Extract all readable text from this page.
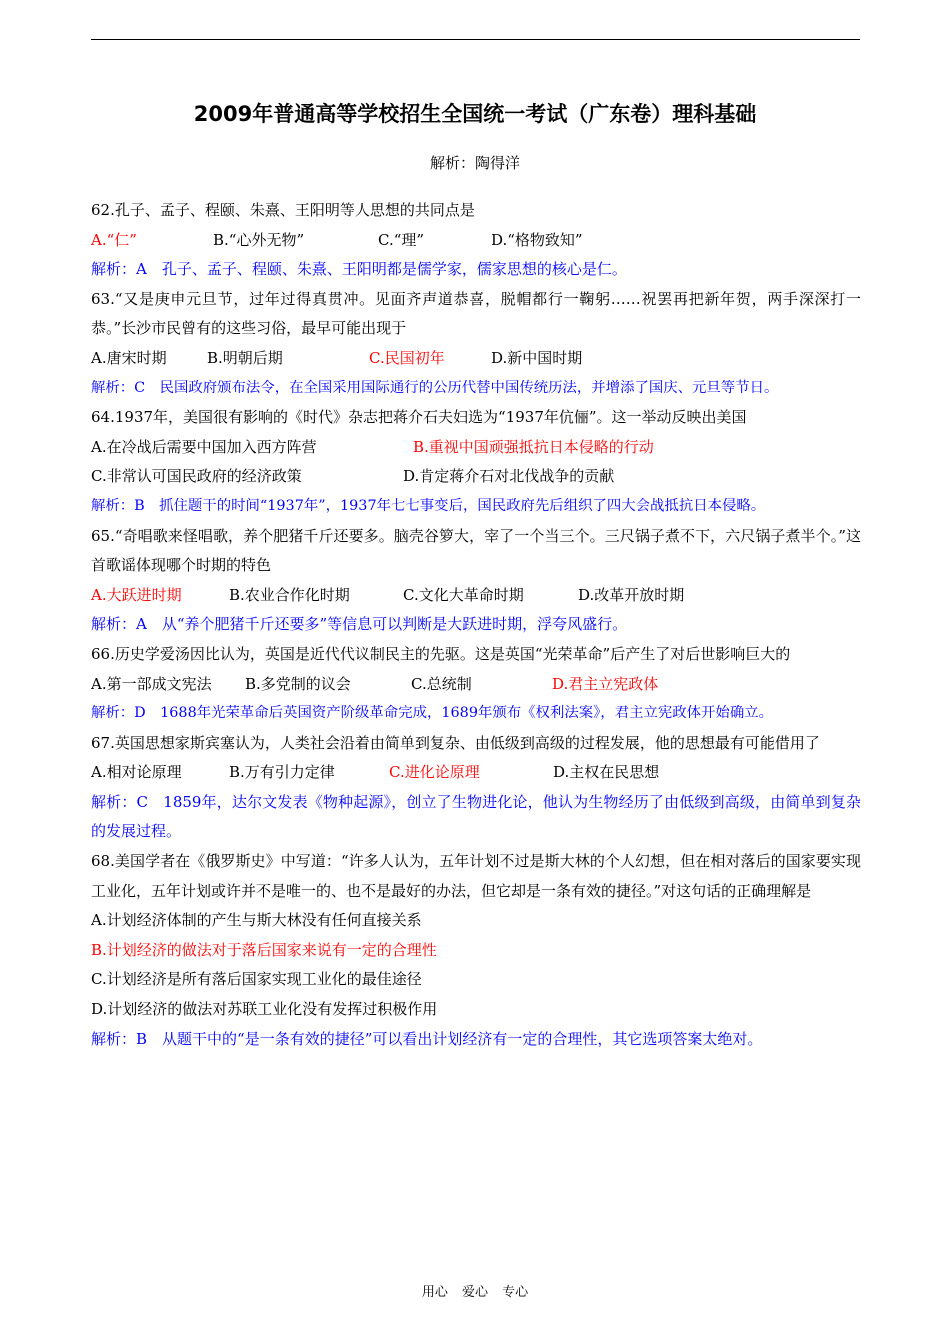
2009年普通高等学校招生全国统一考试（广东卷）理科基础
解析：陶得洋
62.孔子、孟子、程颐、朱熹、王阳明等人思想的共同点是
A.“仁”	B.“心外无物”	C.“理”	D.“格物致知”
解析：A　孔子、孟子、程颐、朱熹、王阳明都是儒学家，儒家思想的核心是仁。
63.“又是庚申元旦节，过年过得真贯冲。见面齐声道恭喜，脱帽都行一鞠躬……祝罢再把新年贺，两手深深打一恭。”长沙市民曾有的这些习俗，最早可能出现于
A.唐宋时期	B.明朝后期	C.民国初年	D.新中国时期
解析：C　民国政府颁布法令，在全国采用国际通行的公历代替中国传统历法，并增添了国庆、元旦等节日。
64.1937年，美国很有影响的《时代》杂志把蒋介石夫妇选为“1937年伉俪”。这一举动反映出美国
A.在冷战后需要中国加入西方阵营	B.重视中国顽强抵抗日本侵略的行动
C.非常认可国民政府的经济政策	D.肯定蒋介石对北伐战争的贡献
解析：B　抓住题干的时间“1937年”，1937年七七事变后，国民政府先后组织了四大会战抵抗日本侵略。
65.“奇唱歌来怪唱歌，养个肥猪千斤还要多。脑壳谷箩大，宰了一个当三个。三尺锅子煮不下，六尺锅子煮半个。”这首歌谣体现哪个时期的特色
A.大跃进时期	B.农业合作化时期	C.文化大革命时期	D.改革开放时期
解析：A　从“养个肥猪千斤还要多”等信息可以判断是大跃进时期，浮夸风盛行。
66.历史学爱汤因比认为，英国是近代代议制民主的先驱。这是英国“光荣革命”后产生了对后世影响巨大的
A.第一部成文宪法 B.多党制的议会	C.总统制	D.君主立宪政体
解析：D　1688年光荣革命后英国资产阶级革命完成，1689年颁布《权利法案》，君主立宪政体开始确立。
67.英国思想家斯宾塞认为，人类社会沿着由简单到复杂、由低级到高级的过程发展，他的思想最有可能借用了
A.相对论原理	B.万有引力定律	C.进化论原理	D.主权在民思想
解析：C　1859年，达尔文发表《物种起源》，创立了生物进化论，他认为生物经历了由低级到高级，由简单到复杂的发展过程。
68.美国学者在《俄罗斯史》中写道：“许多人认为，五年计划不过是斯大林的个人幻想，但在相对落后的国家要实现工业化，五年计划或许并不是唯一的、也不是最好的办法，但它却是一条有效的捷径。”对这句话的正确理解是
A.计划经济体制的产生与斯大林没有任何直接关系
B.计划经济的做法对于落后国家来说有一定的合理性
C.计划经济是所有落后国家实现工业化的最佳途径
D.计划经济的做法对苏联工业化没有发挥过积极作用
解析：B　从题干中的“是一条有效的捷径”可以看出计划经济有一定的合理性，其它选项答案太绝对。
用心 爱心 专心
